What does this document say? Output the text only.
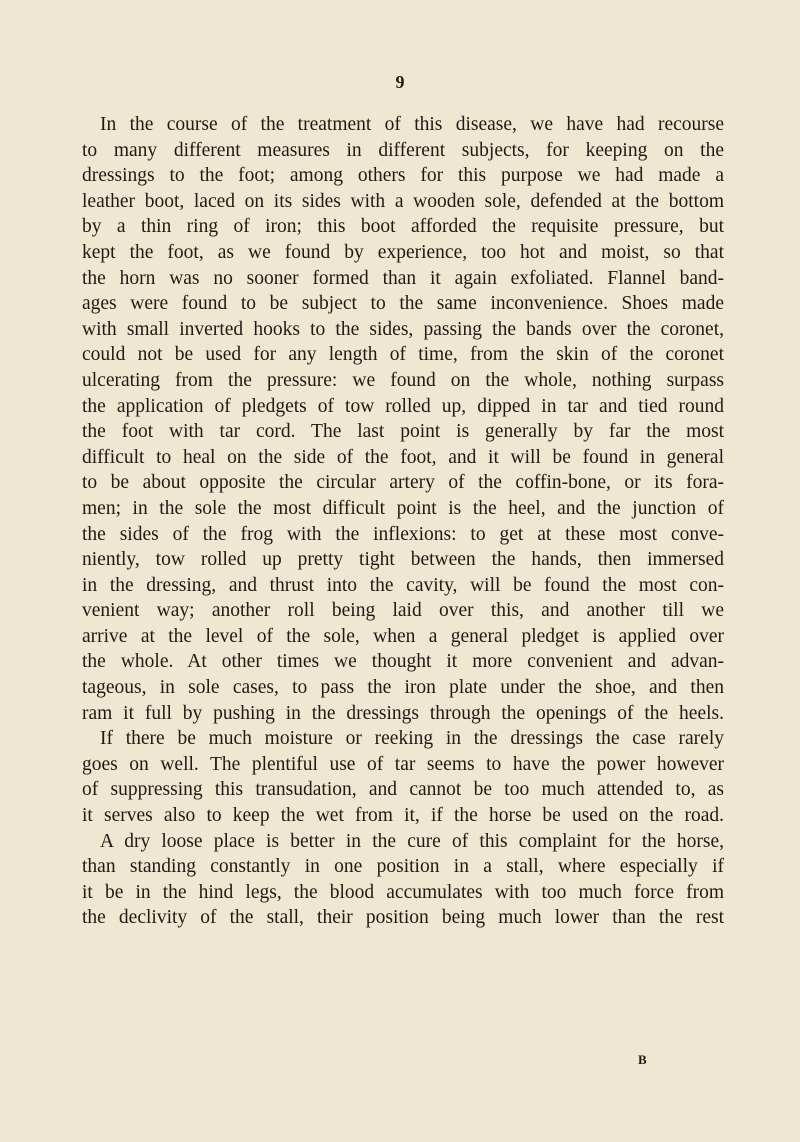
9
In the course of the treatment of this disease, we have had recourse
to many different measures in different subjects, for keeping on the
dressings to the foot; among others for this purpose we had made a
leather boot, laced on its sides with a wooden sole, defended at the bottom
by a thin ring of iron; this boot afforded the requisite pressure, but
kept the foot, as we found by experience, too hot and moist, so that
the horn was no sooner formed than it again exfoliated. Flannel band-
ages were found to be subject to the same inconvenience. Shoes made
with small inverted hooks to the sides, passing the bands over the coronet,
could not be used for any length of time, from the skin of the coronet
ulcerating from the pressure: we found on the whole, nothing surpass
the application of pledgets of tow rolled up, dipped in tar and tied round
the foot with tar cord. The last point is generally by far the most
difficult to heal on the side of the foot, and it will be found in general
to be about opposite the circular artery of the coffin-bone, or its fora-
men; in the sole the most difficult point is the heel, and the junction of
the sides of the frog with the inflexions: to get at these most conve-
niently, tow rolled up pretty tight between the hands, then immersed
in the dressing, and thrust into the cavity, will be found the most con-
venient way; another roll being laid over this, and another till we
arrive at the level of the sole, when a general pledget is applied over
the whole. At other times we thought it more convenient and advan-
tageous, in sole cases, to pass the iron plate under the shoe, and then
ram it full by pushing in the dressings through the openings of the heels.
If there be much moisture or reeking in the dressings the case rarely
goes on well. The plentiful use of tar seems to have the power however
of suppressing this transudation, and cannot be too much attended to, as
it serves also to keep the wet from it, if the horse be used on the road.
A dry loose place is better in the cure of this complaint for the horse,
than standing constantly in one position in a stall, where especially if
it be in the hind legs, the blood accumulates with too much force from
the declivity of the stall, their position being much lower than the rest
B
